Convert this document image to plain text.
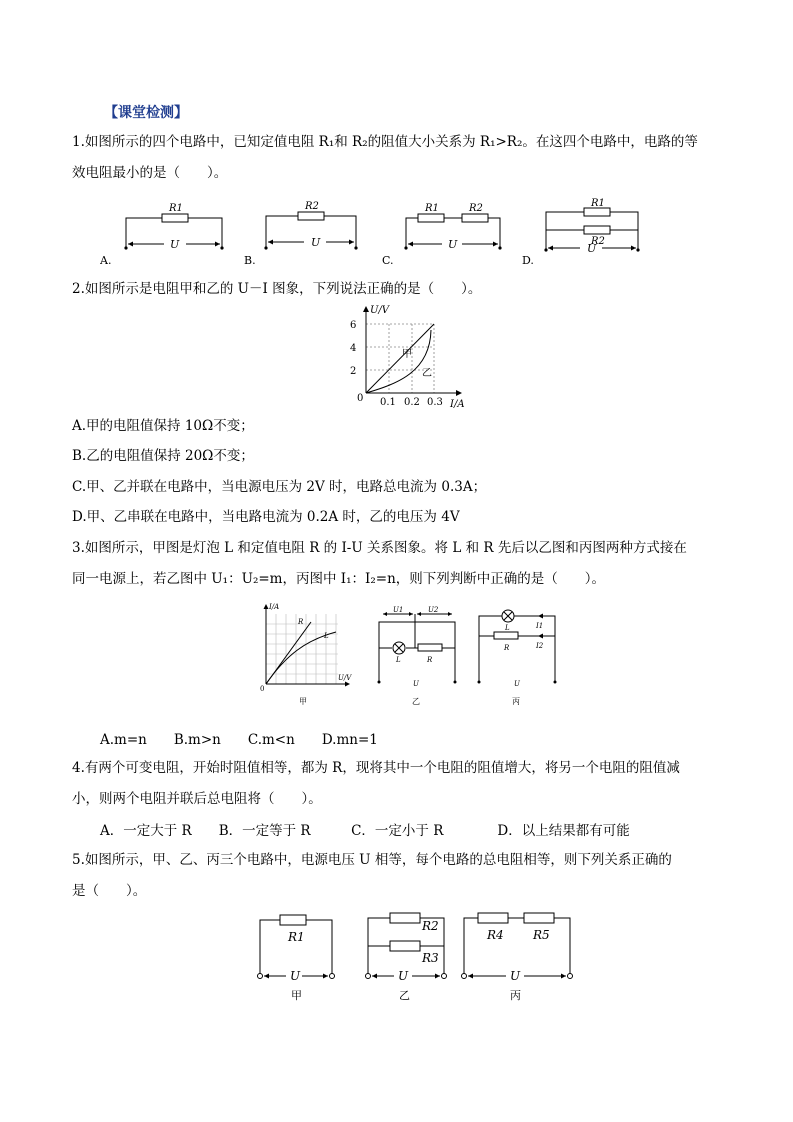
【课堂检测】
1.如图所示的四个电路中，已知定值电阻 R₁和 R₂的阻值大小关系为 R₁>R₂。在这四个电路中，电路的等
效电阻最小的是（　　）。
R1	R2	R1	R2	R1
R2
U	U	U	U
A.	B.	C.	D.
2.如图所示是电阻甲和乙的 U－I 图象，下列说法正确的是（　　）。
U/V
6
4
2
0 0.1 0.2 0.3 I/A
甲
乙
A.甲的电阻值保持 10Ω不变；
B.乙的电阻值保持 20Ω不变；
C.甲、乙并联在电路中，当电源电压为 2V 时，电路总电流为 0.3A；
D.甲、乙串联在电路中，当电路电流为 0.2A 时，乙的电压为 4V
3.如图所示，甲图是灯泡 L 和定值电阻 R 的 I-U 关系图象。将 L 和 R 先后以乙图和丙图两种方式接在
同一电源上，若乙图中 U₁：U₂=m，丙图中 I₁：I₂=n，则下列判断中正确的是（　　）。
I/A
U/V
0
R
L
甲
U1	U2
L	R
U
乙
L
R
I1
I2
U
丙
A.m=n　　B.m>n　　C.m<n　　D.mn=1
4.有两个可变电阻，开始时阻值相等，都为 R，现将其中一个电阻的阻值增大，将另一个电阻的阻值减
小，则两个电阻并联后总电阻将（　　）。
A．一定大于 R　　B．一定等于 R　　　C．一定小于 R　　　　D．以上结果都有可能
5.如图所示，甲、乙、丙三个电路中，电源电压 U 相等，每个电路的总电阻相等，则下列关系正确的
是（　　）。
R1
R2
R3
R4 R5
U	U	U
甲	乙	丙
